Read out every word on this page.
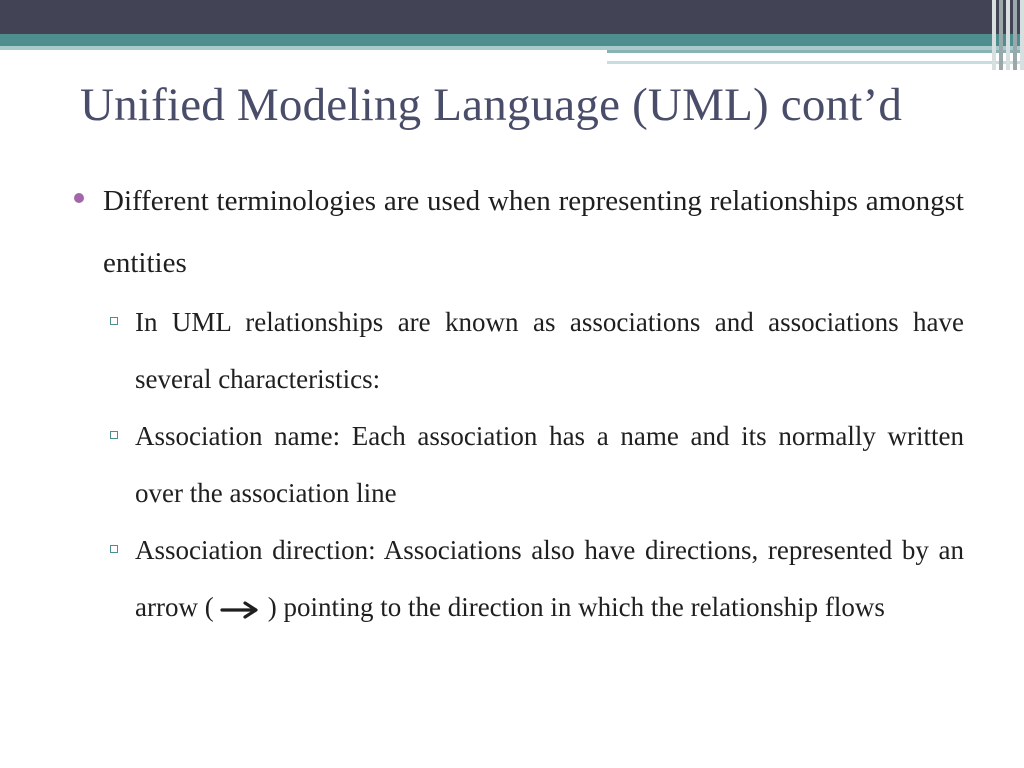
Unified Modeling Language (UML) cont’d
Different terminologies are used when representing relationships amongst entities
In UML relationships are known as associations and associations have several characteristics:
Association name: Each association has a name and its normally written over the association line
Association direction: Associations also have directions, represented by an arrow ( ) pointing to the direction in which the relationship flows
